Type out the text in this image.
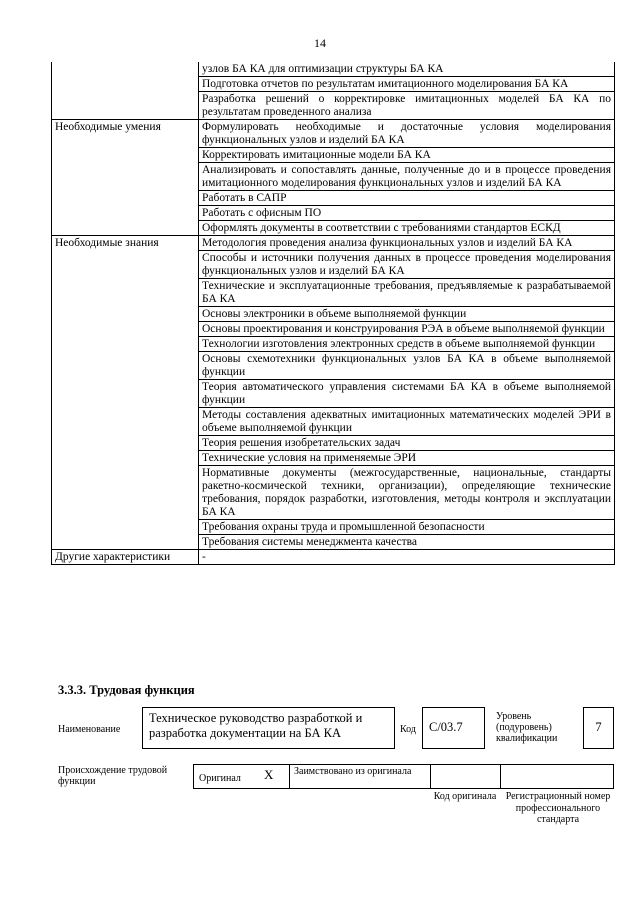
14
	узлов БА КА для оптимизации структуры БА КА
	Подготовка отчетов по результатам имитационного моделирования БА КА
	Разработка решений о корректировке имитационных моделей БА КА по результатам проведенного анализа
Необходимые умения	Формулировать необходимые и достаточные условия моделирования функциональных узлов и изделий БА КА
	Корректировать имитационные модели БА КА
	Анализировать и сопоставлять данные, полученные до и в процессе проведения имитационного моделирования функциональных узлов и изделий БА КА
	Работать в САПР
	Работать с офисным ПО
	Оформлять документы в соответствии с требованиями стандартов ЕСКД
Необходимые знания	Методология проведения анализа функциональных узлов и изделий БА КА
	Способы и источники получения данных в процессе проведения моделирования функциональных узлов и изделий БА КА
	Технические и эксплуатационные требования, предъявляемые к разрабатываемой БА КА
	Основы электроники в объеме выполняемой функции
	Основы проектирования и конструирования РЭА в объеме выполняемой функции
	Технологии изготовления электронных средств в объеме выполняемой функции
	Основы схемотехники функциональных узлов БА КА в объеме выполняемой функции
	Теория автоматического управления системами БА КА в объеме выполняемой функции
	Методы составления адекватных имитационных математических моделей ЭРИ в объеме выполняемой функции
	Теория решения изобретательских задач
	Технические условия на применяемые ЭРИ
	Нормативные документы (межгосударственные, национальные, стандарты ракетно-космической техники, организации), определяющие технические требования, порядок разработки, изготовления, методы контроля и эксплуатации БА КА
	Требования охраны труда и промышленной безопасности
	Требования системы менеджмента качества
Другие характеристики	-
3.3.3. Трудовая функция
Наименование
Техническое руководство разработкой и разработка документации на БА КА	Код	С/03.7
Уровень (подуровень) квалификации
7
Происхождение трудовой функции	Оригинал X	Заимствовано из оригинала
Код оригинала Регистрационный номер профессионального стандарта
